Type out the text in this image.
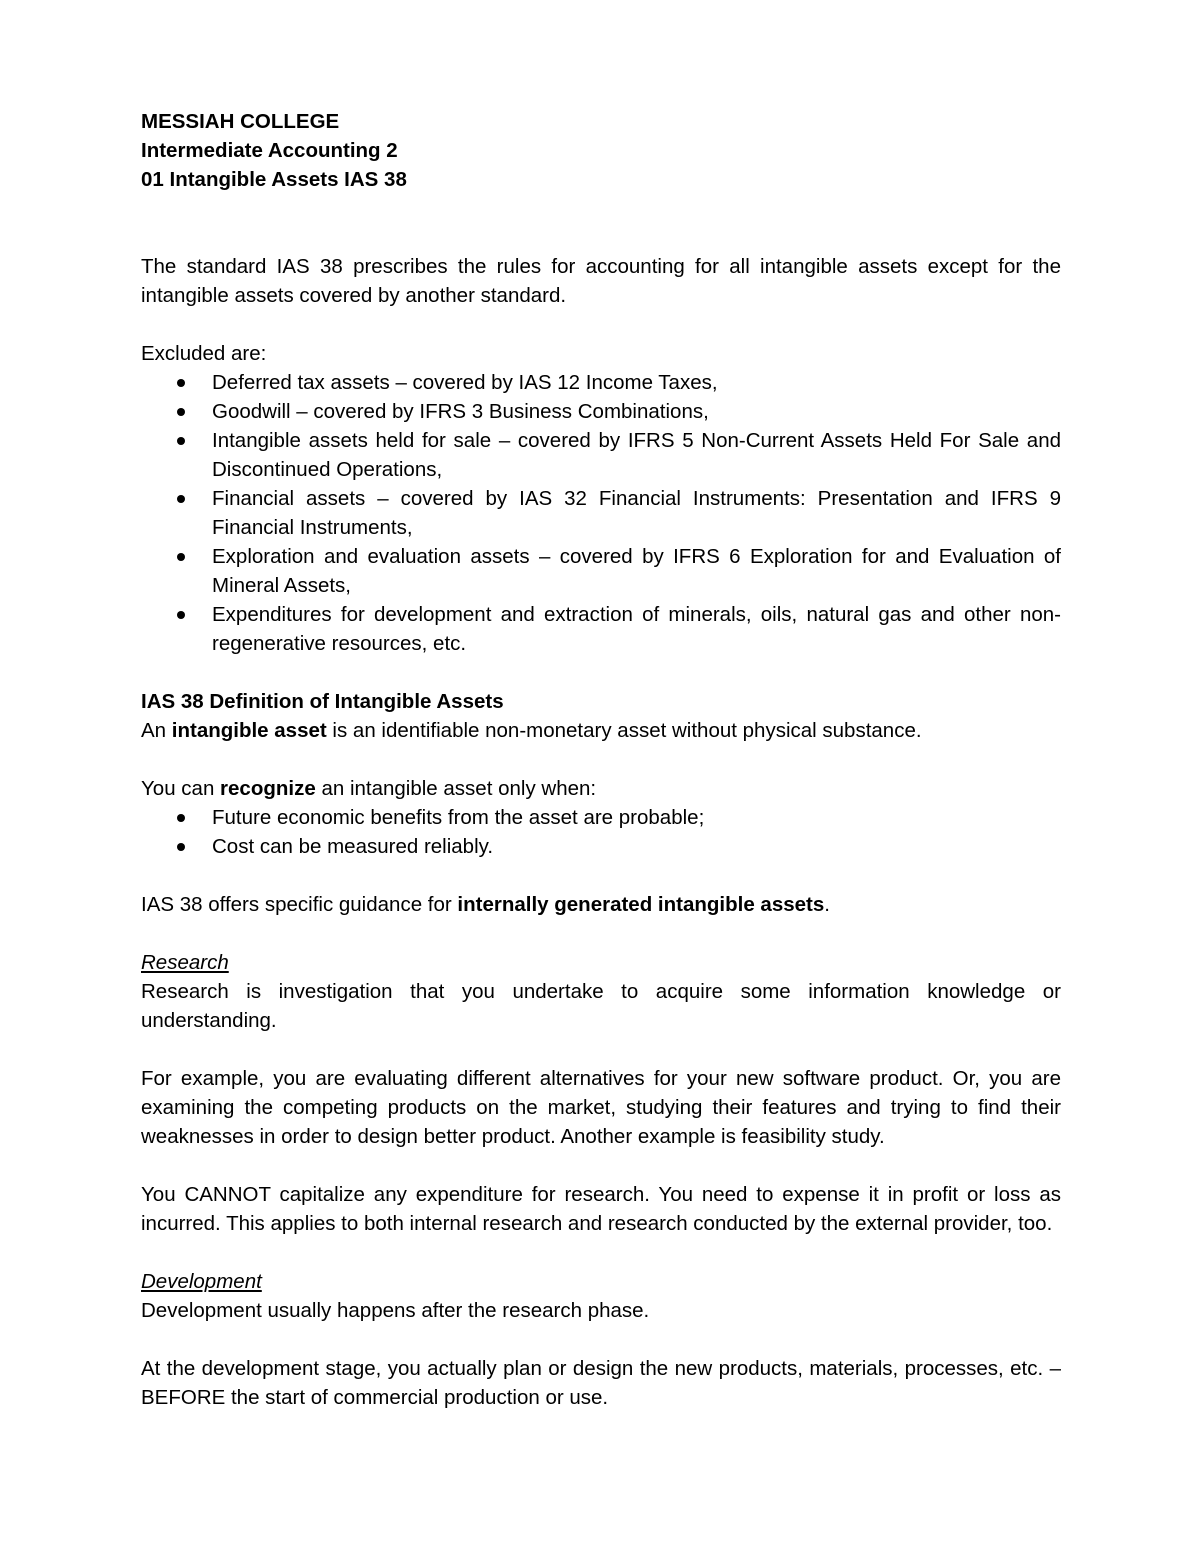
MESSIAH COLLEGE
Intermediate Accounting 2
01 Intangible Assets IAS 38

The standard IAS 38 prescribes the rules for accounting for all intangible assets except for the intangible assets covered by another standard.

Excluded are:

Deferred tax assets – covered by IAS 12 Income Taxes,
Goodwill – covered by IFRS 3 Business Combinations,
Intangible assets held for sale – covered by IFRS 5 Non-Current Assets Held For Sale and Discontinued Operations,
Financial assets – covered by IAS 32 Financial Instruments: Presentation and IFRS 9 Financial Instruments,
Exploration and evaluation assets – covered by IFRS 6 Exploration for and Evaluation of Mineral Assets,
Expenditures for development and extraction of minerals, oils, natural gas and other non-regenerative resources, etc.

IAS 38 Definition of Intangible Assets

An intangible asset is an identifiable non-monetary asset without physical substance.

You can recognize an intangible asset only when:

Future economic benefits from the asset are probable;
Cost can be measured reliably.

IAS 38 offers specific guidance for internally generated intangible assets.

Research

Research is investigation that you undertake to acquire some information knowledge or understanding.

For example, you are evaluating different alternatives for your new software product. Or, you are examining the competing products on the market, studying their features and trying to find their weaknesses in order to design better product. Another example is feasibility study.

You CANNOT capitalize any expenditure for research. You need to expense it in profit or loss as incurred. This applies to both internal research and research conducted by the external provider, too.

Development

Development usually happens after the research phase.

At the development stage, you actually plan or design the new products, materials, processes, etc. – BEFORE the start of commercial production or use.
